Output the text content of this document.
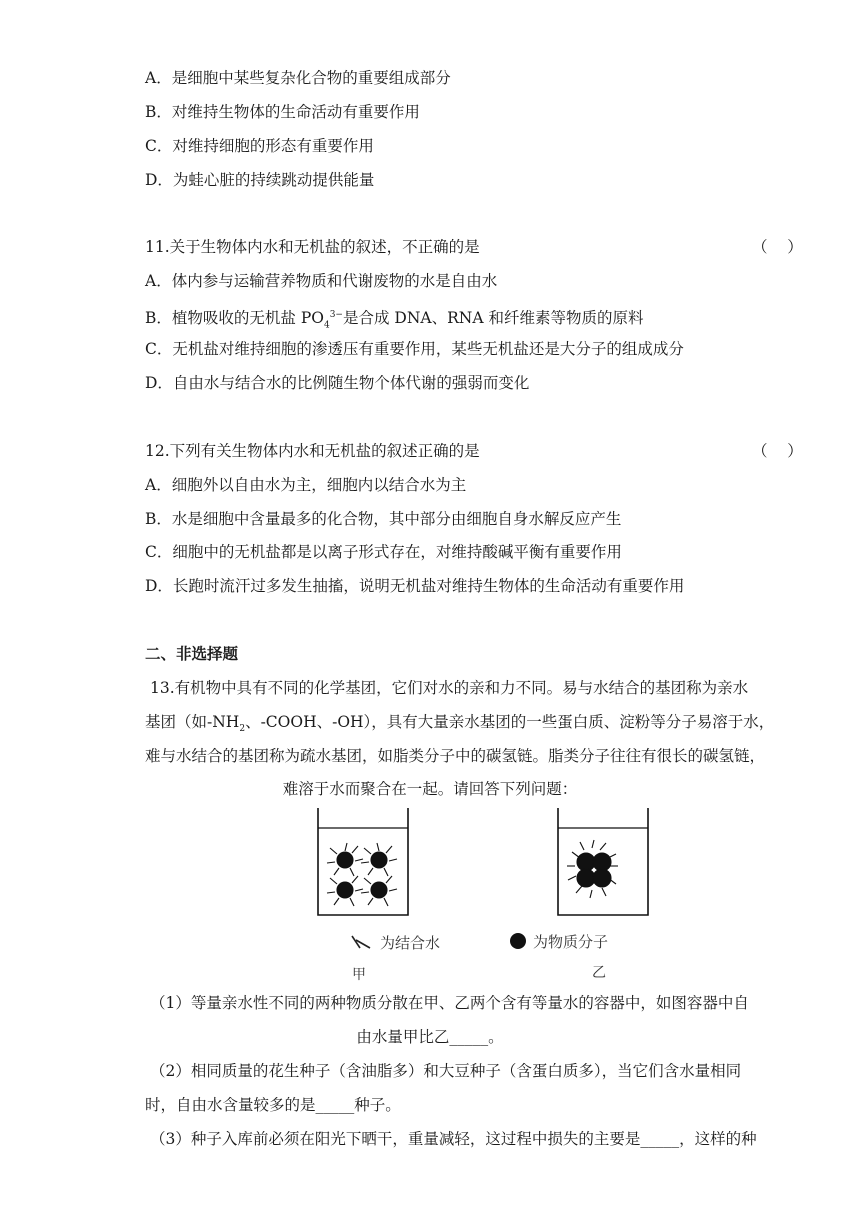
A．是细胞中某些复杂化合物的重要组成部分
B．对维持生物体的生命活动有重要作用
C．对维持细胞的形态有重要作用
D．为蛙心脏的持续跳动提供能量
11.关于生物体内水和无机盐的叙述，不正确的是	（    ）
A．体内参与运输营养物质和代谢废物的水是自由水
B．植物吸收的无机盐 $PO_4^{3-}$是合成 DNA、RNA 和纤维素等物质的原料
C．无机盐对维持细胞的渗透压有重要作用，某些无机盐还是大分子的组成成分
D．自由水与结合水的比例随生物个体代谢的强弱而变化
12.下列有关生物体内水和无机盐的叙述正确的是	（    ）
A．细胞外以自由水为主，细胞内以结合水为主
B．水是细胞中含量最多的化合物，其中部分由细胞自身水解反应产生
C．细胞中的无机盐都是以离子形式存在，对维持酸碱平衡有重要作用
D．长跑时流汗过多发生抽搐，说明无机盐对维持生物体的生命活动有重要作用
二、非选择题
13.有机物中具有不同的化学基团，它们对水的亲和力不同。易与水结合的基团称为亲水
基团（如$-NH_2$、-COOH、-OH），具有大量亲水基团的一些蛋白质、淀粉等分子易溶于水，
难与水结合的基团称为疏水基团，如脂类分子中的碳氢链。脂类分子往往有很长的碳氢链，
难溶于水而聚合在一起。请回答下列问题：
为结合水	为物质分子
甲	乙
（1）等量亲水性不同的两种物质分散在甲、乙两个含有等量水的容器中，如图容器中自
由水量甲比乙_____。
（2）相同质量的花生种子（含油脂多）和大豆种子（含蛋白质多），当它们含水量相同
时，自由水含量较多的是_____种子。
（3）种子入库前必须在阳光下晒干，重量减轻，这过程中损失的主要是_____，这样的种
